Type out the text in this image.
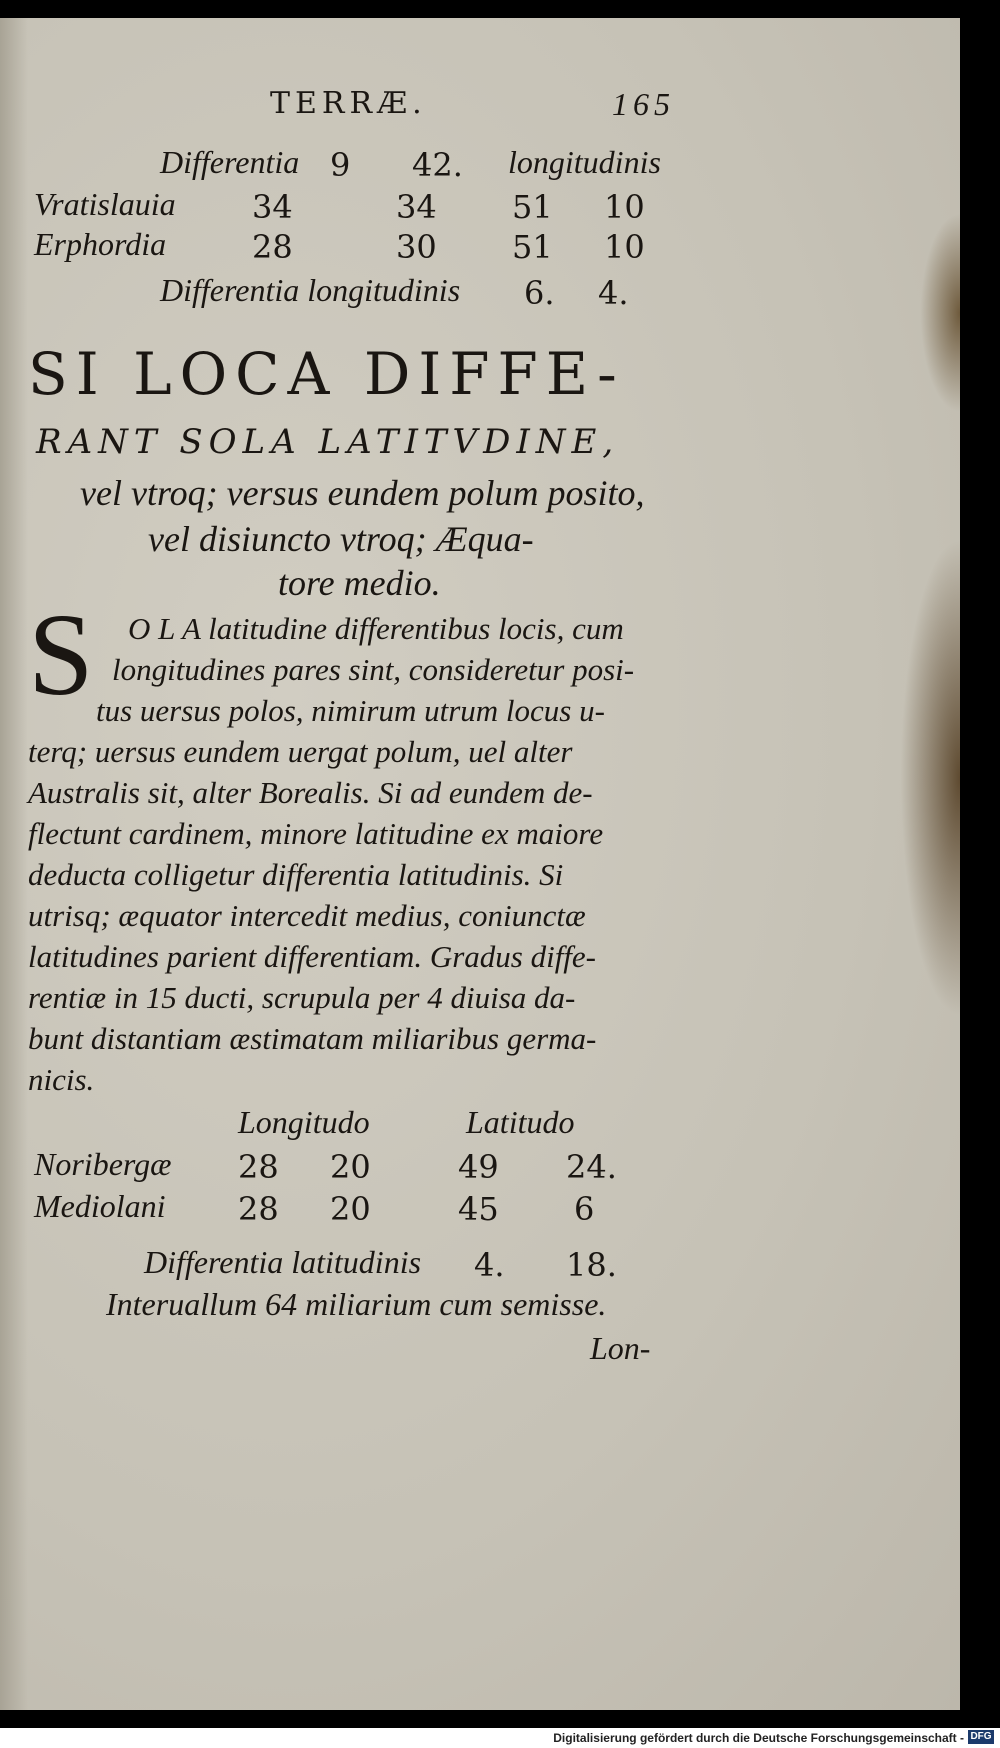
TERRÆ.	165
Differentia 9 42. longitudinis
Vratislauia 34	34 51 10
Erphordia	28	30 51 10
Differentia longitudinis 6. 4.
SI LOCA DIFFE-
RANT SOLA LATITVDINE,
vel vtroq; versus eundem polum posito,
vel disiuncto vtroq; Æqua-
tore medio.
S O L A latitudine differentibus locis, cum
longitudines pares sint, consideretur posi-
tus uersus polos, nimirum utrum locus u-
terq; uersus eundem uergat polum, uel alter
Australis sit, alter Borealis. Si ad eundem de-
flectunt cardinem, minore latitudine ex maiore
deducta colligetur differentia latitudinis. Si
utrisq; æquator intercedit medius, coniunctæ
latitudines parient differentiam. Gradus diffe-
rentiæ in 15 ducti, scrupula per 4 diuisa da-
bunt distantiam æstimatam miliaribus germa-
nicis.
Longitudo	Latitudo
Noribergæ 28 20	49 24.
Mediolani 28 20	45 6
Differentia latitudinis 4. 18.
Interuallum 64 miliarium cum semisse.
Lon-
Digitalisierung gefördert durch die Deutsche Forschungsgemeinschaft - DFG
